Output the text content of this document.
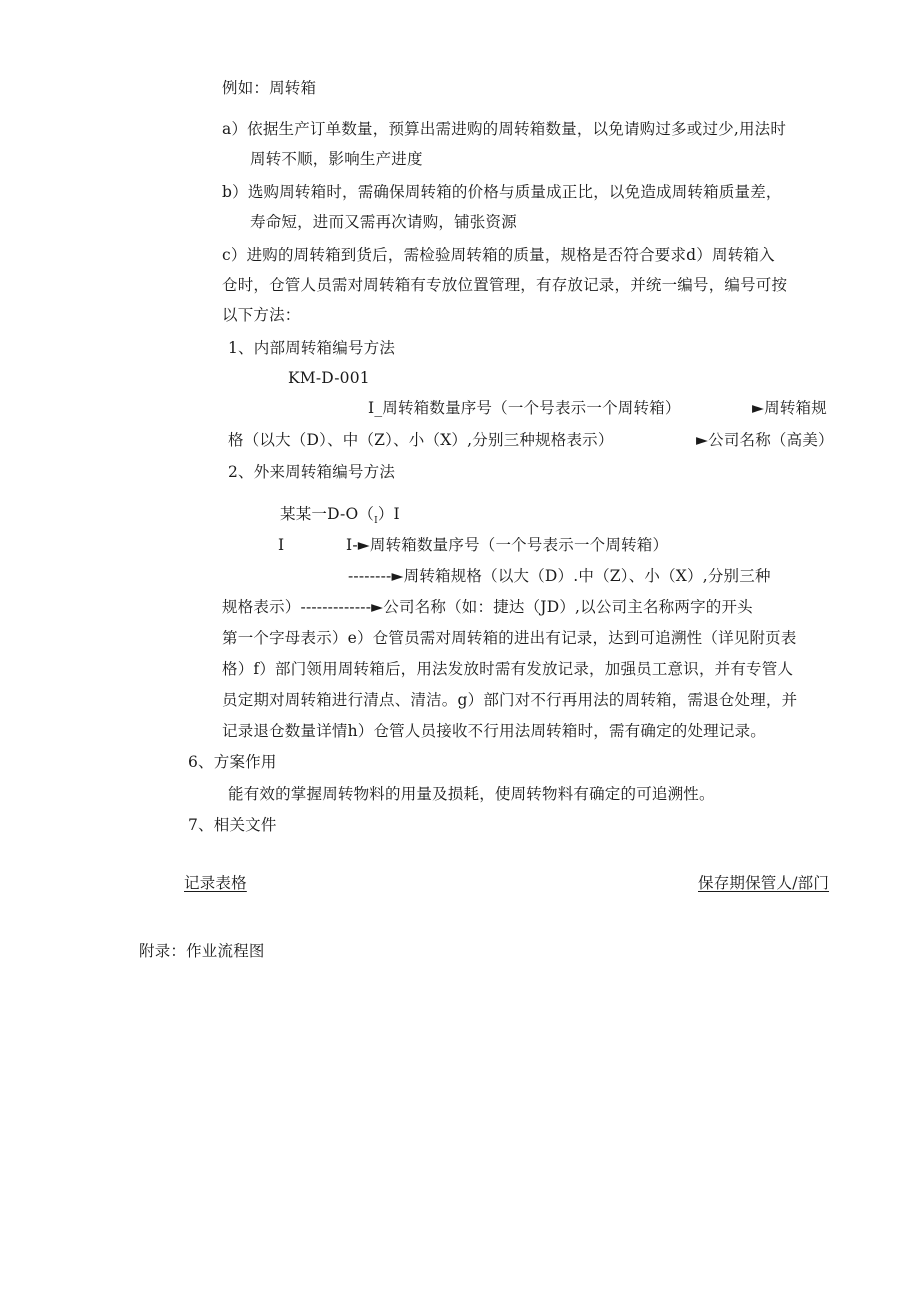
例如：周转箱
a）依据生产订单数量，预算出需进购的周转箱数量，以免请购过多或过少,用法时
周转不顺，影响生产进度
b）选购周转箱时，需确保周转箱的价格与质量成正比，以免造成周转箱质量差，
寿命短，进而又需再次请购，铺张资源
c）进购的周转箱到货后，需检验周转箱的质量，规格是否符合要求d）周转箱入
仓时，仓管人员需对周转箱有专放位置管理，有存放记录，并统一编号，编号可按
以下方法：
1、内部周转箱编号方法
KM-D-001
I_周转箱数量序号（一个号表示一个周转箱）	►周转箱规
格（以大（D）、中（Z）、小（X）,分别三种规格表示）	►公司名称（高美）
2、外来周转箱编号方法
某某一$D-O(_I)I$
I	I-►周转箱数量序号（一个号表示一个周转箱）
--------►周转箱规格（以大（D）.中（Z）、小（X）,分别三种
规格表示）-------------►公司名称（如：捷达（JD）,以公司主名称两字的开头
第一个字母表示）e）仓管员需对周转箱的进出有记录，达到可追溯性（详见附页表
格）f）部门领用周转箱后，用法发放时需有发放记录，加强员工意识，并有专管人
员定期对周转箱进行清点、清洁。g）部门对不行再用法的周转箱，需退仓处理，并
记录退仓数量详情h）仓管人员接收不行用法周转箱时，需有确定的处理记录。
6、方案作用
能有效的掌握周转物料的用量及损耗，使周转物料有确定的可追溯性。
7、相关文件
记录表格	保存期保管人/部门
附录：作业流程图
